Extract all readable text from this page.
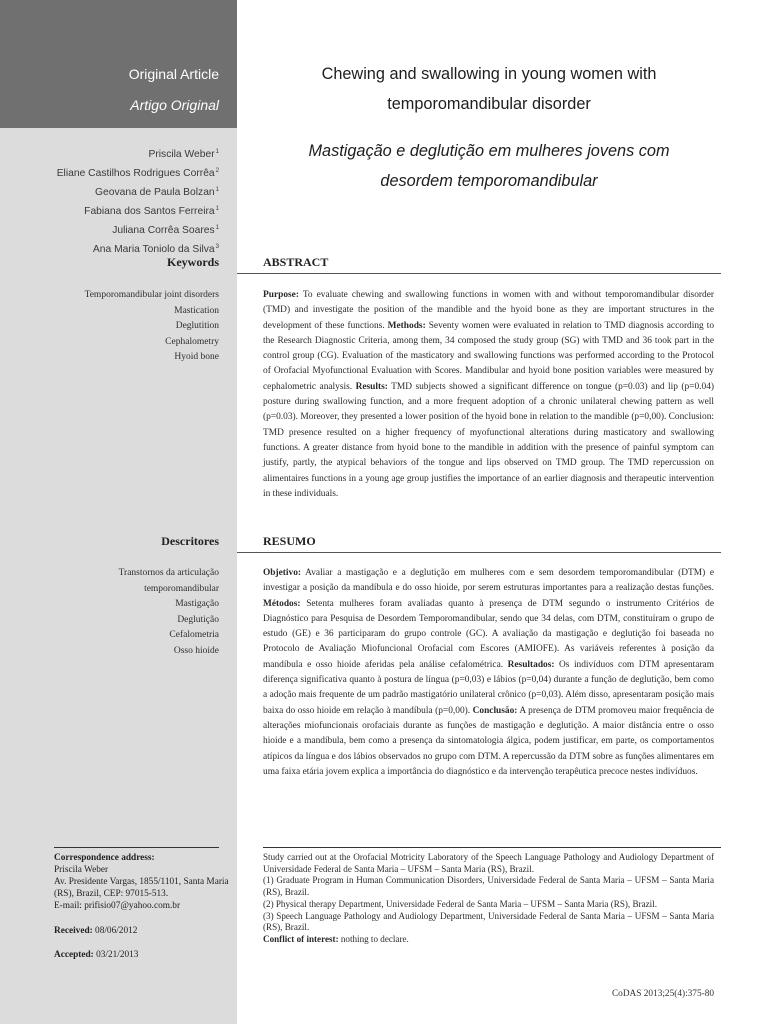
Original Article
Artigo Original
Priscila Weber$^1$
Eliane Castilhos Rodrigues Corrêa$^2$
Geovana de Paula Bolzan$^1$
Fabiana dos Santos Ferreira$^1$
Juliana Corrêa Soares$^1$
Ana Maria Toniolo da Silva$^3$
Keywords
Temporomandibular joint disorders
Mastication
Deglutition
Cephalometry
Hyoid bone
Descritores
Transtornos da articulação
temporomandibular
Mastigação
Deglutição
Cefalometria
Osso hioide
Correspondence address:
Priscila Weber
Av. Presidente Vargas, 1855/1101, Santa Maria (RS), Brazil, CEP: 97015-513.
E-mail: prifisio07@yahoo.com.br
Received: 08/06/2012
Accepted: 03/21/2013
Chewing and swallowing in young women with
temporomandibular disorder
Mastigação e deglutição em mulheres jovens com
desordem temporomandibular
ABSTRACT
Purpose: To evaluate chewing and swallowing functions in women with and without temporomandibular disorder (TMD) and investigate the position of the mandible and the hyoid bone as they are important structures in the development of these functions. Methods: Seventy women were evaluated in relation to TMD diagnosis according to the Research Diagnostic Criteria, among them, 34 composed the study group (SG) with TMD and 36 took part in the control group (CG). Evaluation of the masticatory and swallowing functions was performed according to the Protocol of Orofacial Myofunctional Evaluation with Scores. Mandibular and hyoid bone position variables were measured by cephalometric analysis. Results: TMD subjects showed a significant difference on tongue (p=0.03) and lip (p=0.04) posture during swallowing function, and a more frequent adoption of a chronic unilateral chewing pattern as well (p=0.03). Moreover, they presented a lower position of the hyoid bone in relation to the mandible (p=0,00). Conclusion: TMD presence resulted on a higher frequency of myofunctional alterations during masticatory and swallowing functions. A greater distance from hyoid bone to the mandible in addition with the presence of painful symptom can justify, partly, the atypical behaviors of the tongue and lips observed on TMD group. The TMD repercussion on alimentaires functions in a young age group justifies the importance of an earlier diagnosis and therapeutic intervention in these individuals.
RESUMO
Objetivo: Avaliar a mastigação e a deglutição em mulheres com e sem desordem temporomandibular (DTM) e investigar a posição da mandíbula e do osso hioide, por serem estruturas importantes para a realização destas funções. Métodos: Setenta mulheres foram avaliadas quanto à presença de DTM segundo o instrumento Critérios de Diagnóstico para Pesquisa de Desordem Temporomandibular, sendo que 34 delas, com DTM, constituíram o grupo de estudo (GE) e 36 participaram do grupo controle (GC). A avaliação da mastigação e deglutição foi baseada no Protocolo de Avaliação Miofuncional Orofacial com Escores (AMIOFE). As variáveis referentes à posição da mandíbula e osso hioide aferidas pela análise cefalométrica. Resultados: Os indivíduos com DTM apresentaram diferença significativa quanto à postura de língua (p=0,03) e lábios (p=0,04) durante a função de deglutição, bem como a adoção mais frequente de um padrão mastigatório unilateral crônico (p=0,03). Além disso, apresentaram posição mais baixa do osso hioide em relação à mandíbula (p=0,00). Conclusão: A presença de DTM promoveu maior frequência de alterações miofuncionais orofaciais durante as funções de mastigação e deglutição. A maior distância entre o osso hioide e a mandíbula, bem como a presença da sintomatologia álgica, podem justificar, em parte, os comportamentos atípicos da língua e dos lábios observados no grupo com DTM. A repercussão da DTM sobre as funções alimentares em uma faixa etária jovem explica a importância do diagnóstico e da intervenção terapêutica precoce nestes indivíduos.
Study carried out at the Orofacial Motricity Laboratory of the Speech Language Pathology and Audiology Department of Universidade Federal de Santa Maria – UFSM – Santa Maria (RS), Brazil.
(1) Graduate Program in Human Communication Disorders, Universidade Federal de Santa Maria – UFSM – Santa Maria (RS), Brazil.
(2) Physical therapy Department, Universidade Federal de Santa Maria – UFSM – Santa Maria (RS), Brazil.
(3) Speech Language Pathology and Audiology Department, Universidade Federal de Santa Maria – UFSM – Santa Maria (RS), Brazil.
Conflict of interest: nothing to declare.
CoDAS 2013;25(4):375-80
